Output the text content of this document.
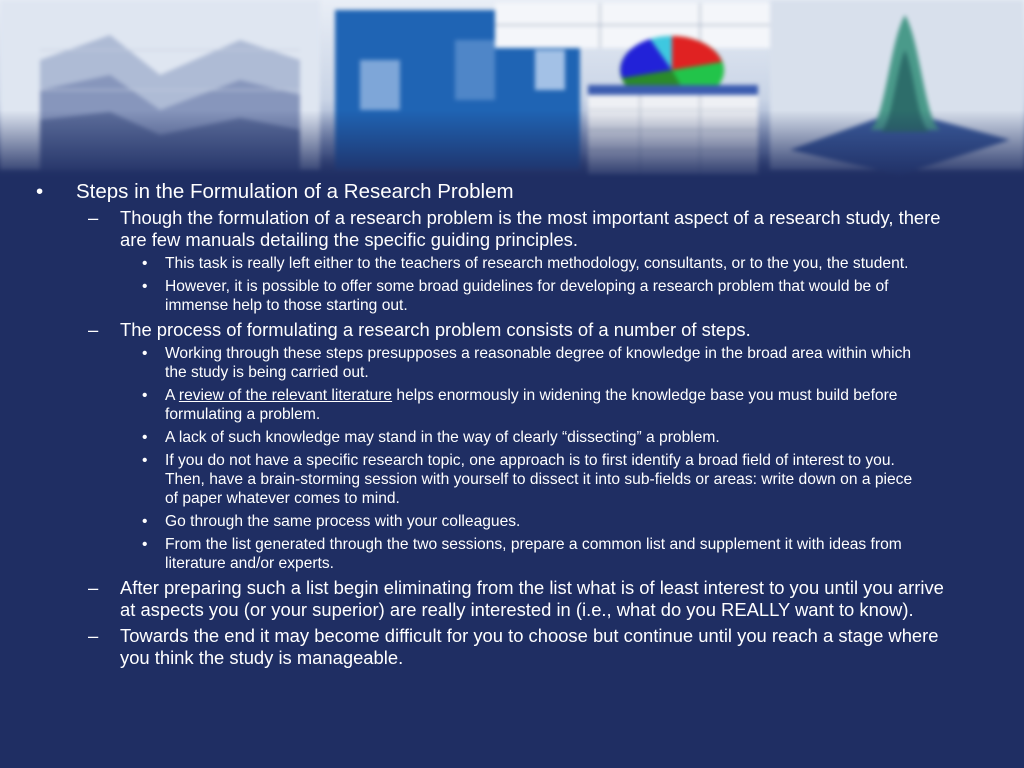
• Steps in the Formulation of a Research Problem
– Though the formulation of a research problem is the most important aspect of a research study, there are few manuals detailing the specific guiding principles.
• This task is really left either to the teachers of research methodology, consultants, or to the you, the student.
• However, it is possible to offer some broad guidelines for developing a research problem that would be of immense help to those starting out.
– The process of formulating a research problem consists of a number of steps.
• Working through these steps presupposes a reasonable degree of knowledge in the broad area within which the study is being carried out.
• A review of the relevant literature helps enormously in widening the knowledge base you must build before formulating a problem.
• A lack of such knowledge may stand in the way of clearly “dissecting” a problem.
• If you do not have a specific research topic, one approach is to first identify a broad field of interest to you. Then, have a brain-storming session with yourself to dissect it into sub-fields or areas: write down on a piece of paper whatever comes to mind.
• Go through the same process with your colleagues.
• From the list generated through the two sessions, prepare a common list and supplement it with ideas from literature and/or experts.
– After preparing such a list begin eliminating from the list what is of least interest to you until you arrive at aspects you (or your superior) are really interested in (i.e., what do you REALLY want to know).
– Towards the end it may become difficult for you to choose but continue until you reach a stage where you think the study is manageable.
